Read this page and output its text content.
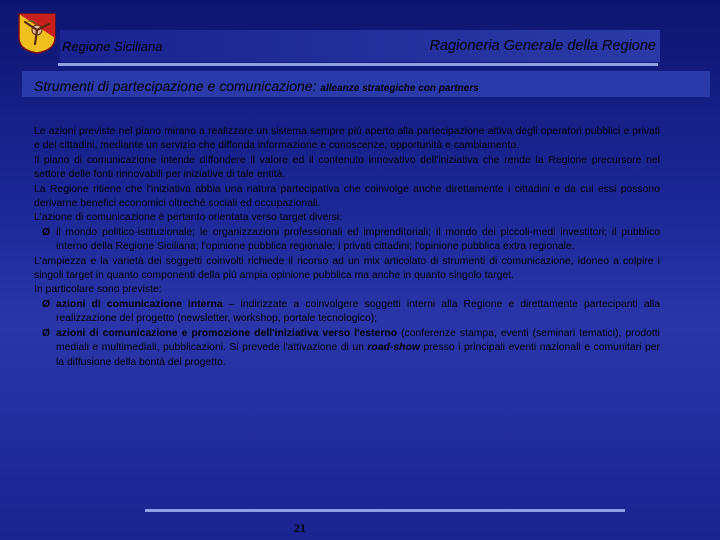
Regione Siciliana	Ragioneria Generale della Regione
Strumenti di partecipazione e comunicazione: alleanze strategiche con partners

Le azioni previste nel piano mirano a realizzare un sistema sempre più aperto alla partecipazione attiva degli operatori pubblici e privati e dei cittadini, mediante un servizio che diffonda informazione e conoscenze, opportunità e cambiamento.

Il piano di comunicazione intende diffondere il valore ed il contenuto innovativo dell'iniziativa che rende la Regione precursore nel settore delle fonti rinnovabili per iniziative di tale entità.

La Regione ritiene che l'iniziativa abbia una natura partecipativa che coinvolge anche direttamente i cittadini e da cui essi possono derivarne benefici economici oltreché sociali ed occupazionali.

L'azione di comunicazione è pertanto orientata verso target diversi:

Ø il mondo politico-istituzionale; le organizzazioni professionali ed imprenditoriali; il mondo dei piccoli-medi investitori; il pubblico interno della Regione Siciliana; l'opinione pubblica regionale; i privati cittadini; l'opinione pubblica extra regionale.

L'ampiezza e la varietà dei soggetti coinvolti richiede il ricorso ad un mix articolato di strumenti di comunicazione, idoneo a colpire i singoli target in quanto componenti della più ampia opinione pubblica ma anche in quanto singolo target.

In particolare sono previste:

Ø azioni di comunicazione interna – indirizzate a coinvolgere soggetti interni alla Regione e direttamente partecipanti alla realizzazione del progetto (newsletter, workshop, portale tecnologico);
Ø azioni di comunicazione e promozione dell'iniziativa verso l'esterno (conferenze stampa, eventi (seminari tematici), prodotti mediali e multimediali, pubblicazioni. Si prevede l'attivazione di un road-show presso i principali eventi nazionali e comunitari per la diffusione della bontà del progetto.
21
